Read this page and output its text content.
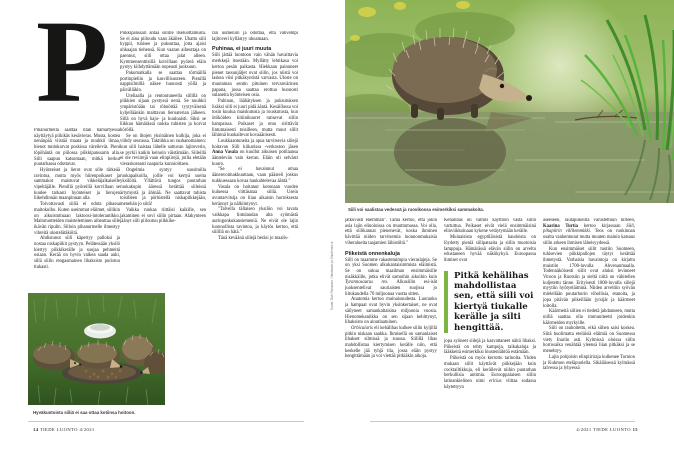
P

Pihanurmella saattaa illan hämärtyessä näyttäytyä piikikäs kesävieras. Musta, kostea nenänpää viistää maata ja nuuhkii ilmaa, hienot tuntokarvat poskissa väreilevät. Pieni töpöhäntä on piilossa piikkipanssarin alla. Siili saapuu katsomaan, mitkä herkut puutarhassa odottavat.

Hyönteiset ja lierot ovat sille tärkeää ravintoa, mutta myös hiirenpoikaset ja sammakot maistuvat vikkeläjalkaiselle vipeltäjälle. Pienillä pyöreillä korvillaan se kuulee tarkasti hyönteiset ja lierojen liikehdinnän maanpinnan alla.

Toivottavasti siiliä ei odota pihassa maitokulho. Kuten useimmat eläimet, siilikin on aikuistuttuaan laktoosi-intolerantikko. Maitotuotteiden maisteleminen aiheuttaa sille ikävän ripulin. Silloin pihanurmelle ilmestyy vihreitä ulostelätäköitä.

Ahdistunut siili käpertyy palloksi ja nostaa niskapiikit pystyyn. Pelätessään yksilö kiertyy piikkikerälle ja suojaa pehmeitä osiaan. Kerää on hyvin vaikea saada auki, sillä siilin rengasmainen lihaksisto puristuu tiukasti.

Piikkipanssari antaa siilille itseluottamusta. Se ei aina piiloudu vaan äkäilee. Uhattu siili hyppii, tuhisee ja puksuttaa, jotta ajaisi uhkaajan tiehensä. Kun vaaran aiheuttaja on paennut, siili ottaa jalat alleen. Kymmensenttisillä koivillaan pyöreä eläin pystyy kiihdyttämään nopeasti juoksuun.

Pakomatkalla se saattaa törmäillä portinpieliin ja kasvillisuuteen. Pienillä nappisilmillä näkee huonosti yöllä ja päivälläkin.

Uteliaalla ja rentoutuneella siilillä on piikkien sijaan pystyssä nenä. Se nuuhkii ympäristöään tai röhnöttää tyytyväisenä kyljelläänkin maittavan lieroaterian jälkeen. Sillä on hyvä haju- ja kuuloaisti. Siksi se liikkuu hämärässä nokka tuhisten ja korvat höröllä.

Se on iltojen yksinäinen kulkija, joka ei viihdy seurassa. Taktiikka on rauhanomainen: kun siili haistaa lähelle sattuvan lajitoverin, se pyrkii kaikin keinoin väistämään. Siileillä ei ole reviirejä vaan elinpiirejä, joilla eletään vieraskoreasti naapuria kunnioittaen.

Ongelmia syntyy suosituilla ruokapaikoilla, joille voi kertyä useita yksilöitä. Yllättävä tungos puutarhan ruokakupin ääressä herättää siileissä ärtymystä ja ähinää. Ne saattavat tuhista toisilleen ja pörhistellä niskapiikkejään, menehän jo siitä!

Vaikka ruokaa riittäisi kaikille, sen jakaminen ei sovi siilin pirtaan. Alakynteen jäänyt siili piiloutuu piikkike-

rän uumeniin ja odottaa, että vahvempi lajitoveri kyllästyy uhoamaan.

Puhinaa, ei juuri muuta

Siili jättää luontoon vain vähän havaittavia merkkejä itsestään. Myllätty lehtikasa voi kertoa pesän paikasta. Hiekkaan painuneet pienet tassunjäljet ovat siilin, jos niistä voi laskea viisi pitkäkyntistä varvasta. Uloste on muutaman sentin pituinen tervanvärinen papana, jossa saattaa erottua huonosti sulaneita hyönteisen osia.

Puhinan, läähätyksen ja puksutuksen lisäksi siili ei juuri pidä ääntä. Kesäillassa voi tosin kuulua maiskutusta ja rouskutusta, kun ötököiden kitiinikuoret ratisevat siilin hampaissa. Poikaset ja emo sirittävät lintumaisesti toisilleen, mutta muut siilit lähinnä huokailevat kovaäänisesti.

Loukkaantuneita ja apua tarvitsevia siilejä hoitavan Siili kiikarissa -verkoston jäsen Anna Vasala on kuullut aikuisen potilaansa ääntelevän vain kerran. Eläin oli selvästi kuuro.

"Se ei havainnut omaa äänenvoimakkuuttaan, vaan päästeli joskus nukkuessaan kovaa haukahtelevaa ääntä."

Vasala on hoitanut kotonaan vuoden kuluessa viittäsataa siiliä. Usein avuntarvitsija on liian aikaisin horroksesta herännyt ja nälkiintynyt.

"Talvella tällaisen yksilön voi tavata vaikkapa lintulaudan alta syömästä auringonkukansiemeniä. Ne eivät ole lajin luonnollista ravintoa, ja käytös kertoo, että siilillä on hätä."

Tänä keväänä siilejä heräsi jo maalis-

Hyväkuntoista siiliä ei saa ottaa kotiinsa hoitoon.
14 TIEDE LUONTO 4/2021
Siili voi saalistaa vedessä ja ruovikossa esimerkiksi sammakoita.
Kuvat: Outi Rissanen / Vastavalo ja Shutterstock

jatkuvasti enemmän". Tämä kertoo, että jokin asia lajin elinoloissa on muuttumassa. Voi olla, että siilikannat pienenevät, koska ihminen hävittää niiden tarvitsemia luonnonmukaisia viheralueita taajamien lähistöltä."

Piikeistä onnenkaluja

Siili on maamme rakastetuimpia vieraslajeja. Se on yksi Suomen alkukantaisimmista eläimistä. Se on sukua maailman ensimmäisille nisäkkäille, jotka elivät samoihin aikoihin kuin Tyrannosaurus rex. Alkusiilin esi-isät juoksentelivat sauriaisten suojissa jo liitukaudella 70 miljoonaa vuotta sitten.

Anatomia kertoo muinaisuudesta. Luuranko ja hampaat ovat hyvin yksinkertaiset, ne ovat säilyneet samankaltaisina miljoonia vuosia. Hienomekaniikka on sen sijaan kehittynyt, lihaksisto on ainutlaatuinen.

Orbicularis eli kehälihas kulkee siilin kyljillä pitkin niskaan saakka. Ihmisellä on samanlaiset lihakset silmissä ja suussa. Siilillä lihas mahdollistaa kiertymisen kerälle niin, että keskelle jää tyhjä tila, jossa eläin pystyy hengittämään ja voi viettää pitkiäkin aikoja.

Kehälihas on valmis käyttöön vasta siilin vartuttua. Poikaset eivät vielä ensimmäisinä elinviikkoinaan kykene vetäytymään kerälle.

Muinaisista egyptiläisistä haudoista on löydetty pieniä siilipatsaita ja siilin muotoisia lamppuja. Hämärässä elävän siilin on arveltu edustaneen hyvää näkökykyä. Euroopassa ihmiset ovat

Pitkä kehälihas mahdollistaa sen, että siili voi kiertyä tiukalle kerälle ja silti hengittää.

jopa syöneet siilejä ja kasvattaneet näitä lihaksi. Piikeistä on tehty kampoja, taikakaluja ja lääkkeitä esimerkiksi hiustenlähtöä estämään.

Piikeistä on myös kerrottu tarinoita. Yhden mukaan siilit käyttävät piikkejään kuin cocktailtikkuja, eli keräilevät niihin puutarhan herkullisia antimia. Eurooppalaisen siilin latinankielinen nimi ericius viittaa sodassa käytettyyn

aseeseen, rautapiikeillä varustettuun hirteen, Kaarina Turtia kertoo kirjassaan Siili, pihapiirin villilemmikki. Teos on ruokinnan osalta vanhentunut mutta muuten mainio katsaus siilin arkeen ihmisen läheisyydessä.

Kun ensimmäiset siilit tuotiin Suomeen, tuhisevien piikkipallojen täytyi herättää ihmetystä. Varhaisia havaintoja on kirjattu muistiin 1700-luvulla Ahvenanmaalla. Todennäköisesti siilit ovat aluksi levinneet Viroon ja Ruotsiin ja sieltä niitä on vähitellen kuljetettu tänne. Erityisesti 1800-luvulla siilejä myytiin hyötyeläiminä. Niiden arveltiin syövän mielellään puutarhurin vihollisia, etanoita, ja jopa pitävän piikeillään jyrsijät ja käärmeet loitolla.

Käärmeitä siilien ei tiedetä jahdanneen, mutta niillä saattaa olla immuniteetti joidenkin käärmeiden myrkyille.

Siili on rauhoitettu, eikä siihen saisi koskea. Siitä huolimatta eteläisiä eläimiä on Suomessa viety Inariin asti. Kylmissä oloissa siilin horrosaika venähtää yleensä liian pitkäksi ja se menehtyy.

Lajin pohjoisin elinpiiriraja kulkenee Tornion ja Kuhmon eteläpuolella. Sikäläisessä kylmässä talvessa ja lyhyessä

4/2021 TIEDE LUONTO 15
